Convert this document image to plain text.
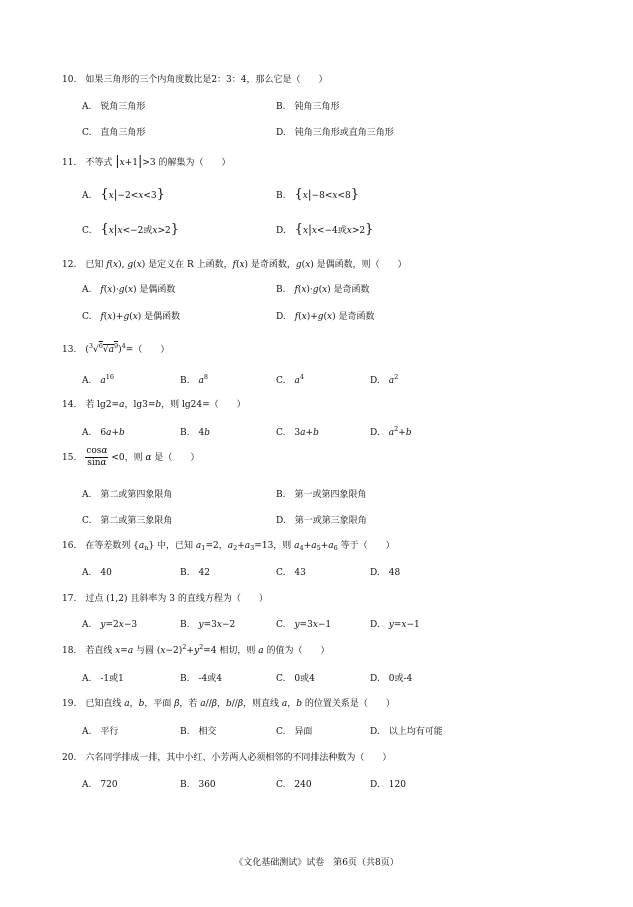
10.　如果三角形的三个内角度数比是2：3：4，那么它是（　　）
A.　锐角三角形	B.　钝角三角形
C.　直角三角形	D.　钝角三角形或直角三角形
11.　不等式 |x+1|>3 的解集为（　　）
A.　{x|−2<x<3}	B.　{x|−8<x<8}
C.　{x|x<−2或x>2}	D.　{x|x<−4或x>2}
12.　已知 f(x), g(x) 是定义在 R 上函数，f(x) 是奇函数，g(x) 是偶函数，则（　　）
A.　f(x)·g(x) 是偶函数	B.　f(x)·g(x) 是奇函数
C.　f(x)+g(x) 是偶函数	D.　f(x)+g(x) 是奇函数
13.　$(^3√^6√a^9)^4=$（　　）
A.　$a^{16}$	B.　$a^8$	C.　$a^4$	D.　$a^2$
14.　若 lg2=a，lg3=b，则 lg24=（　　）
A.　6a+b	B.　4b	C.　3a+b	D.　$a^2+b$
15.　 $\frac{\cos\alpha}{\sin\alpha} <0$，则 α 是（　　）
A.　第二或第四象限角	B.　第一或第四象限角
C.　第二或第三象限角	D.　第一或第三象限角
16.　在等差数列 $\{a_n\}$ 中，已知 $a_1=2$，$a_2+a_3=13$，则 $a_4+a_5+a_6$ 等于（　　）
A.　40	B.　42	C.　43	D.　48
17.　过点 (1,2) 且斜率为 3 的直线方程为（　　）
A.　y=2x−3	B.　y=3x−2	C.　y=3x−1	D.　y=x−1
18.　若直线 x=a 与圆 $(x-2)^2+y^2=4$ 相切，则 a 的值为（　　）
A.　-1或1	B.　-4或4	C.　0或4	D.　0或-4
19.　已知直线 a，b，平面 β，若 a//β，b//β，则直线 a，b 的位置关系是（　　）
A.　平行	B.　相交	C.　异面	D.　以上均有可能
20.　六名同学排成一排，其中小红、小芳两人必须相邻的不同排法种数为（　　）
A.　720	B.　360	C.　240	D.　120
《文化基础测试》试卷　第6页（共8页）
